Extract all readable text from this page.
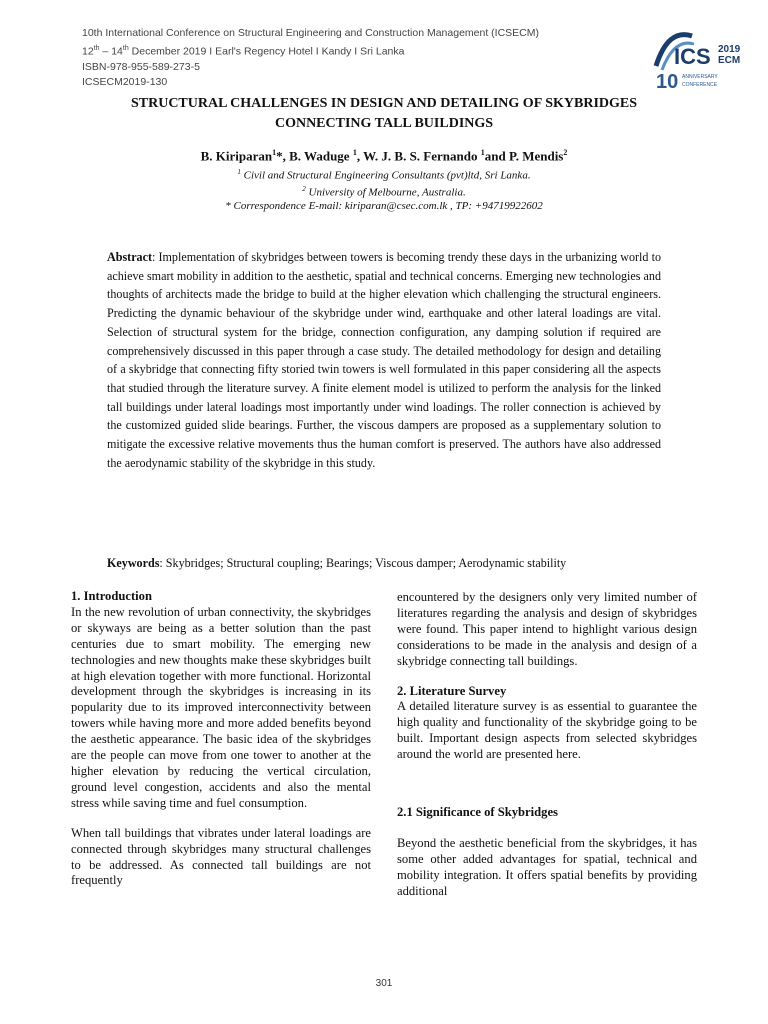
10th International Conference on Structural Engineering and Construction Management (ICSECM)
12th – 14th December 2019 I Earl's Regency Hotel I Kandy I Sri Lanka
ISBN-978-955-589-273-5
ICSECM2019-130
ICS 2019
ECM
10 ANNIVERSARY
CONFERENCE
STRUCTURAL CHALLENGES IN DESIGN AND DETAILING OF SKYBRIDGES
CONNECTING TALL BUILDINGS
B. Kiriparan$^1$*, B. Waduge $^1$, W. J. B. S. Fernando $^1$and P. Mendis$^2$
$^1$ Civil and Structural Engineering Consultants (pvt)ltd, Sri Lanka.
$^2$ University of Melbourne, Australia.
* Correspondence E-mail: kiriparan@csec.com.lk , TP: +94719922602
Abstract: Implementation of skybridges between towers is becoming trendy these days in the urbanizing world to achieve smart mobility in addition to the aesthetic, spatial and technical concerns. Emerging new technologies and thoughts of architects made the bridge to build at the higher elevation which challenging the structural engineers. Predicting the dynamic behaviour of the skybridge under wind, earthquake and other lateral loadings are vital. Selection of structural system for the bridge, connection configuration, any damping solution if required are comprehensively discussed in this paper through a case study. The detailed methodology for design and detailing of a skybridge that connecting fifty storied twin towers is well formulated in this paper considering all the aspects that studied through the literature survey. A finite element model is utilized to perform the analysis for the linked tall buildings under lateral loadings most importantly under wind loadings. The roller connection is achieved by the customized guided slide bearings. Further, the viscous dampers are proposed as a supplementary solution to mitigate the excessive relative movements thus the human comfort is preserved. The authors have also addressed the aerodynamic stability of the skybridge in this study.
Keywords: Skybridges; Structural coupling; Bearings; Viscous damper; Aerodynamic stability
1. Introduction

In the new revolution of urban connectivity, the skybridges or skyways are being as a better solution than the past centuries due to smart mobility. The emerging new technologies and new thoughts make these skybridges built at high elevation together with more functional. Horizontal development through the skybridges is increasing in its popularity due to its improved interconnectivity between towers while having more and more added benefits beyond the aesthetic appearance. The basic idea of the skybridges are the people can move from one tower to another at the higher elevation by reducing the vertical circulation, ground level congestion, accidents and also the mental stress while saving time and fuel consumption.

When tall buildings that vibrates under lateral loadings are connected through skybridges many structural challenges to be addressed. As connected tall buildings are not frequently

encountered by the designers only very limited number of literatures regarding the analysis and design of skybridges were found. This paper intend to highlight various design considerations to be made in the analysis and design of a skybridge connecting tall buildings.

2. Literature Survey

A detailed literature survey is as essential to guarantee the high quality and functionality of the skybridge going to be built. Important design aspects from selected skybridges around the world are presented here.

2.1 Significance of Skybridges

Beyond the aesthetic beneficial from the skybridges, it has some other added advantages for spatial, technical and mobility integration. It offers spatial benefits by providing additional

301
